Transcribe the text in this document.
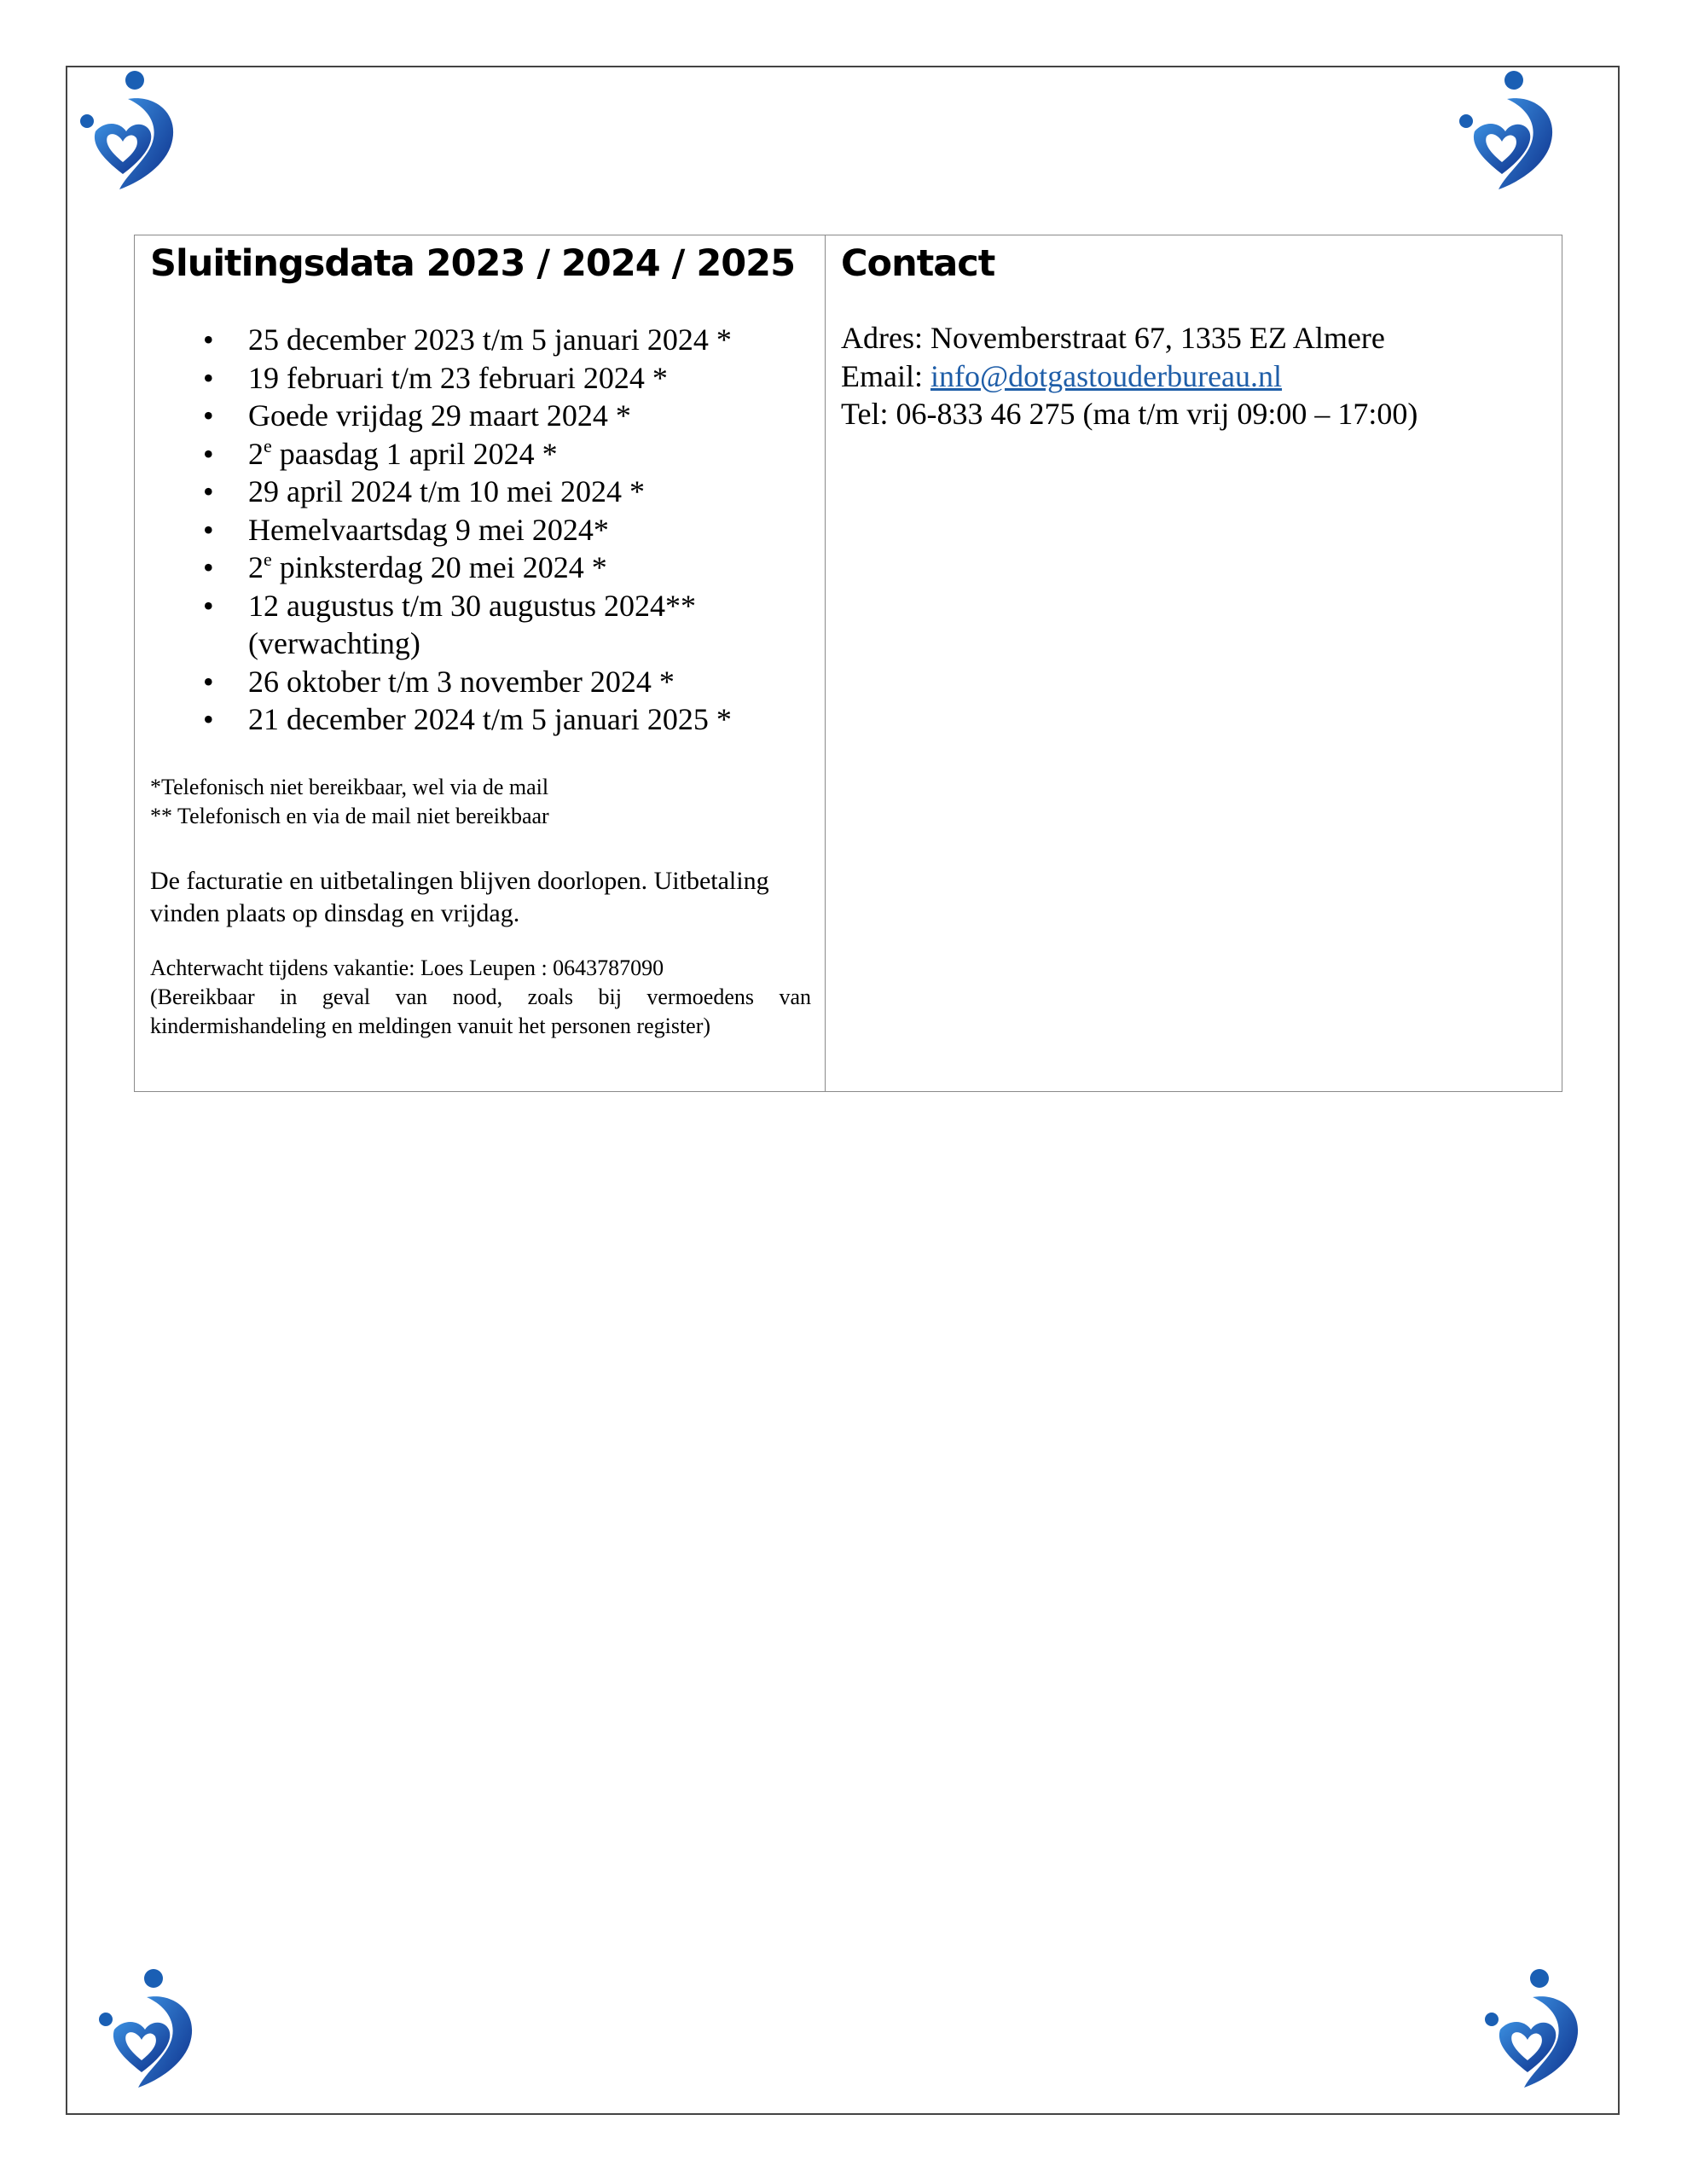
Sluitingsdata 2023 / 2024 / 2025
• 25 december 2023 t/m 5 januari 2024 *
• 19 februari t/m 23 februari 2024 *
• Goede vrijdag 29 maart 2024 *
• 2e paasdag 1 april 2024 *
• 29 april 2024 t/m 10 mei 2024 *
• Hemelvaartsdag 9 mei 2024*
• 2e pinksterdag 20 mei 2024 *
• 12 augustus t/m 30 augustus 2024**
(verwachting)
• 26 oktober t/m 3 november 2024 *
• 21 december 2024 t/m 5 januari 2025 *
*Telefonisch niet bereikbaar, wel via de mail
** Telefonisch en via de mail niet bereikbaar
De facturatie en uitbetalingen blijven doorlopen. Uitbetaling vinden plaats op dinsdag en vrijdag.
Achterwacht tijdens vakantie: Loes Leupen : 0643787090
(Bereikbaar in geval van nood, zoals bij vermoedens van kindermishandeling en meldingen vanuit het personen register)
Contact
Adres: Novemberstraat 67, 1335 EZ Almere
Email: info@dotgastouderbureau.nl
Tel: 06-833 46 275 (ma t/m vrij 09:00 – 17:00)
